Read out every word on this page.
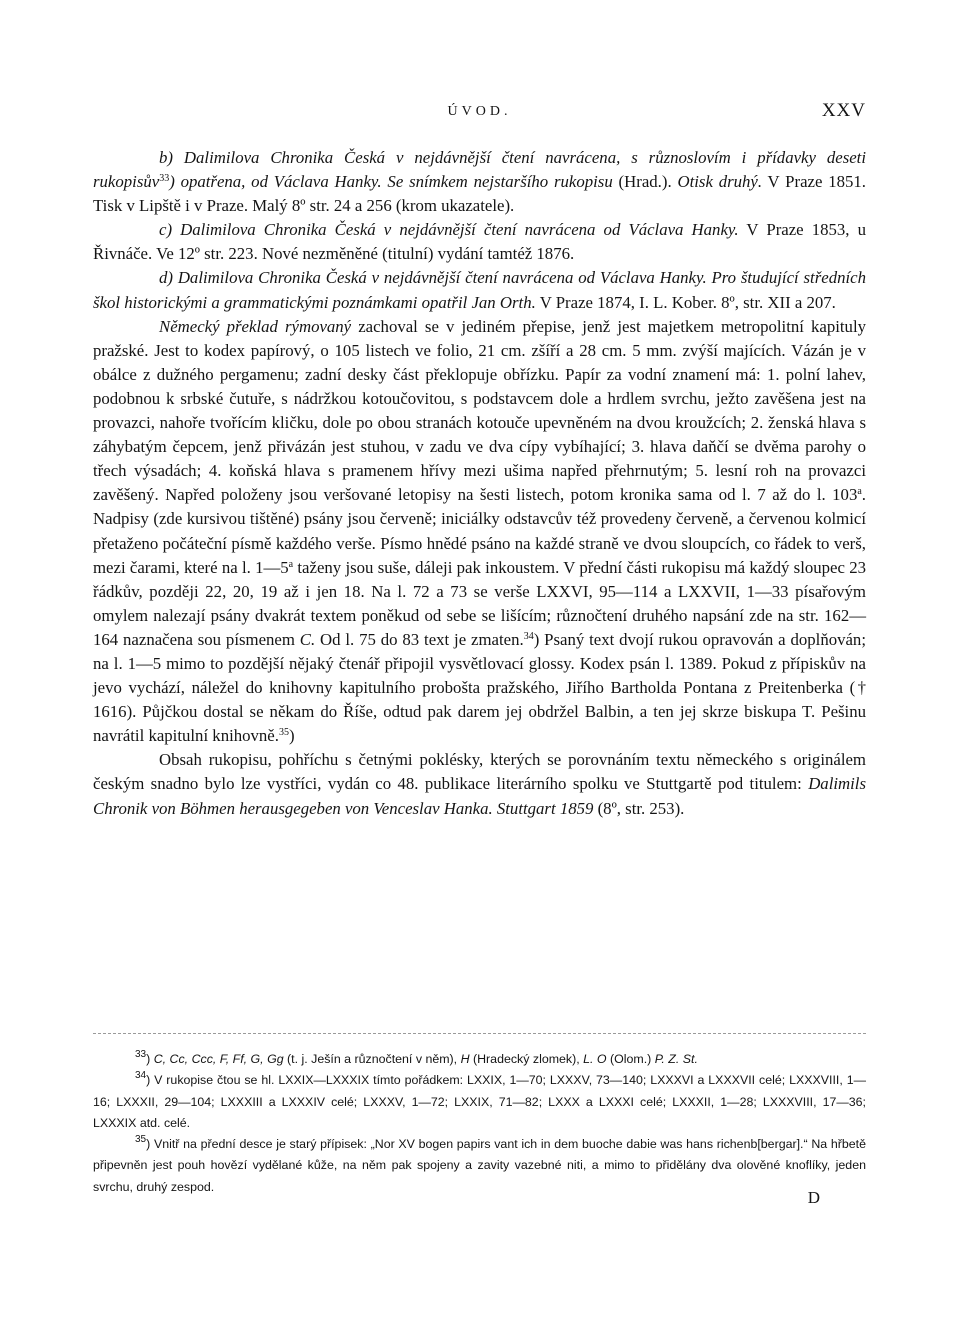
ÚVOD.	XXV

b) Dalimilova Chronika Česká v nejdávnější čtení navrácena, s různoslovím i přídavky deseti rukopisův$^{33}$) opatřena, od Václava Hanky. Se snímkem nejstaršího rukopisu (Hrad.). Otisk druhý. V Praze 1851. Tisk v Lipště i v Praze. Malý 8º str. 24 a 256 (krom ukazatele).

c) Dalimilova Chronika Česká v nejdávnější čtení navrácena od Václava Hanky. V Praze 1853, u Řivnáče. Ve 12º str. 223. Nové nezměněné (titulní) vydání tamtéž 1876.

d) Dalimilova Chronika Česká v nejdávnější čtení navrácena od Václava Hanky. Pro študující středních škol historickými a grammatickými poznámkami opatřil Jan Orth. V Praze 1874, I. L. Kober. 8º, str. XII a 207.

Německý překlad rýmovaný zachoval se v jediném přepise, jenž jest majetkem metropolitní kapituly pražské. Jest to kodex papírový, o 105 listech ve folio, 21 cm. zšíří a 28 cm. 5 mm. zvýší majících. Vázán je v obálce z dužného pergamenu; zadní desky část překlopuje obřízku. Papír za vodní znamení má: 1. polní lahev, podobnou k srbské čutuře, s nádržkou kotoučovitou, s podstavcem dole a hrdlem svrchu, ježto zavěšena jest na provazci, nahoře tvořícím kličku, dole po obou stranách kotouče upevněném na dvou kroužcích; 2. ženská hlava s záhybatým čepcem, jenž přivázán jest stuhou, v zadu ve dva cípy vybíhající; 3. hlava daňčí se dvěma parohy o třech výsadách; 4. koňská hlava s pramenem hřívy mezi ušima napřed přehrnutým; 5. lesní roh na provazci zavěšený. Napřed položeny jsou veršované letopisy na šesti listech, potom kronika sama od l. 7 až do l. 103$^a$. Nadpisy (zde kursivou tištěné) psány jsou červeně; iniciálky odstavcův též provedeny červeně, a červenou kolmicí přetaženo počáteční písmě každého verše. Písmo hnědé psáno na každé straně ve dvou sloupcích, co řádek to verš, mezi čarami, které na l. 1—5$^a$ taženy jsou suše, dáleji pak inkoustem. V přední části rukopisu má každý sloupec 23 řádkův, později 22, 20, 19 až i jen 18. Na l. 72 a 73 se verše LXXVI, 95—114 a LXXVII, 1—33 písařovým omylem nalezají psány dvakrát textem poněkud od sebe se lišícím; různočtení druhého napsání zde na str. 162—164 naznačena sou písmenem C. Od l. 75 do 83 text je zmaten.$^{34}$) Psaný text dvojí rukou opravován a doplňován; na l. 1—5 mimo to pozdější nějaký čtenář připojil vysvětlovací glossy. Kodex psán l. 1389. Pokud z přípiskův na jevo vychází, náležel do knihovny kapitulního probošta pražského, Jiřího Bartholda Pontana z Preitenberka († 1616). Půjčkou dostal se někam do Říše, odtud pak darem jej obdržel Balbin, a ten jej skrze biskupa T. Pešinu navrátil kapitulní knihovně.$^{35}$)

Obsah rukopisu, pohříchu s četnými poklésky, kterých se porovnáním textu německého s originálem českým snadno bylo lze vystříci, vydán co 48. publikace literárního spolku ve Stuttgartě pod titulem: Dalimils Chronik von Böhmen herausgegeben von Venceslav Hanka. Stuttgart 1859 (8º, str. 253).

$^{33}$) C, Cc, Ccc, F, Ff, G, Gg (t. j. Ješín a různočtení v něm), H (Hradecký zlomek), L. O (Olom.) P. Z. St.

$^{34}$) V rukopise čtou se hl. LXXIX—LXXXIX tímto pořádkem: LXXIX, 1—70; LXXXV, 73—140; LXXXVI a LXXXVII celé; LXXXVIII, 1—16; LXXXII, 29—104; LXXXIII a LXXXIV celé; LXXXV, 1—72; LXXIX, 71—82; LXXX a LXXXI celé; LXXXII, 1—28; LXXXVIII, 17—36; LXXXIX atd. celé.

$^{35}$) Vnitř na přední desce je starý přípisek: „Nor XV bogen papirs vant ich in dem buoche dabie was hans richenb[bergar].“ Na hřbetě připevněn jest pouh hovězí vydělané kůže, na něm pak spojeny a zavity vazebné niti, a mimo to přidělány dva olověné knoflíky, jeden svrchu, druhý zespod.

D
